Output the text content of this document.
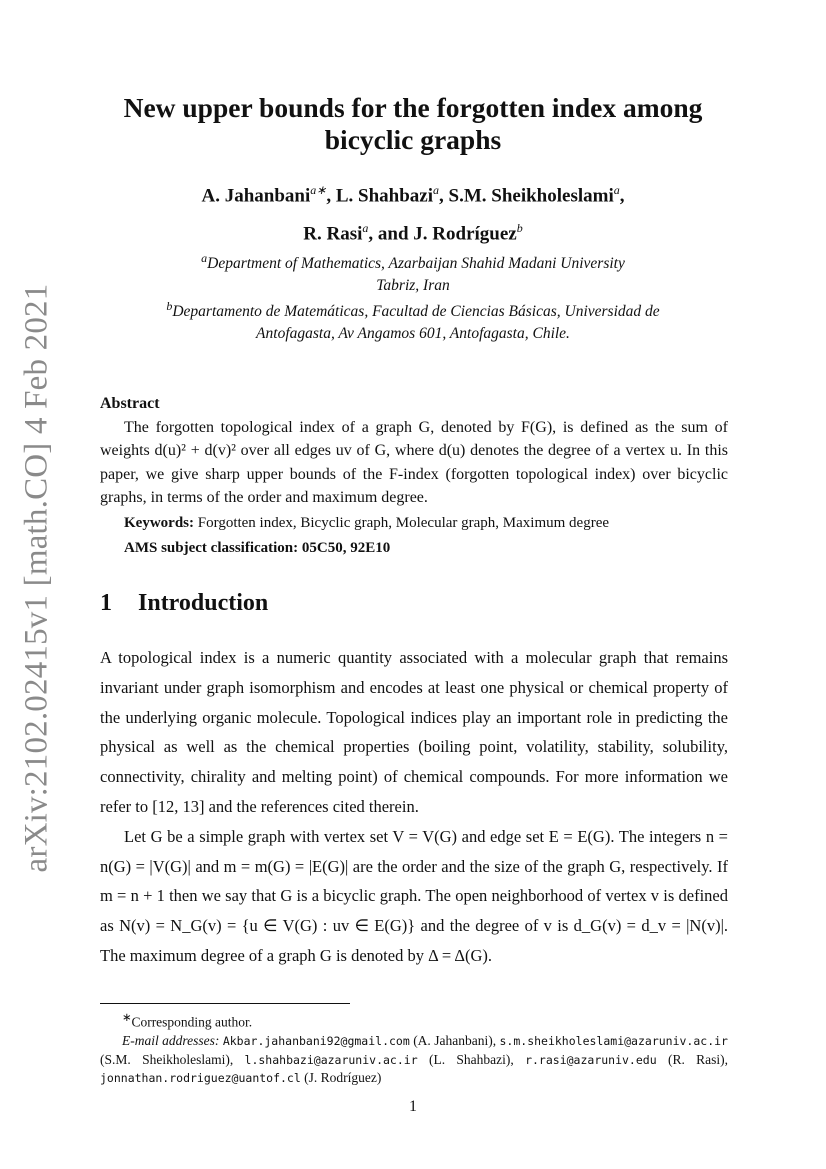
arXiv:2102.02415v1 [math.CO] 4 Feb 2021
New upper bounds for the forgotten index among bicyclic graphs
A. Jahanbani$^{a∗}$, L. Shahbazi$^a$, S.M. Sheikholeslami$^a$,
R. Rasi$^a$, and J. Rodríguez$^b$
$^a$Department of Mathematics, Azarbaijan Shahid Madani University
Tabriz, Iran
$^b$Departamento de Matemáticas, Facultad de Ciencias Básicas, Universidad de
Antofagasta, Av Angamos 601, Antofagasta, Chile.
Abstract

The forgotten topological index of a graph G, denoted by F(G), is defined as the sum of weights d(u)² + d(v)² over all edges uv of G, where d(u) denotes the degree of a vertex u. In this paper, we give sharp upper bounds of the F-index (forgotten topological index) over bicyclic graphs, in terms of the order and maximum degree.

Keywords: Forgotten index, Bicyclic graph, Molecular graph, Maximum degree
AMS subject classification: 05C50, 92E10
1 Introduction

A topological index is a numeric quantity associated with a molecular graph that remains invariant under graph isomorphism and encodes at least one physical or chemical property of the underlying organic molecule. Topological indices play an important role in predicting the physical as well as the chemical properties (boiling point, volatility, stability, solubility, connectivity, chirality and melting point) of chemical compounds. For more information we refer to [12, 13] and the references cited therein.

Let G be a simple graph with vertex set V = V(G) and edge set E = E(G). The integers n = n(G) = |V(G)| and m = m(G) = |E(G)| are the order and the size of the graph G, respectively. If m = n + 1 then we say that G is a bicyclic graph. The open neighborhood of vertex v is defined as N(v) = N_G(v) = {u ∈ V(G) : uv ∈ E(G)} and the degree of v is d_G(v) = d_v = |N(v)|. The maximum degree of a graph G is denoted by Δ = Δ(G).

∗Corresponding author.

E-mail addresses: Akbar.jahanbani92@gmail.com (A. Jahanbani), s.m.sheikholeslami@azaruniv.ac.ir (S.M. Sheikholeslami), l.shahbazi@azaruniv.ac.ir (L. Shahbazi), r.rasi@azaruniv.edu (R. Rasi), jonnathan.rodriguez@uantof.cl (J. Rodríguez)

1
